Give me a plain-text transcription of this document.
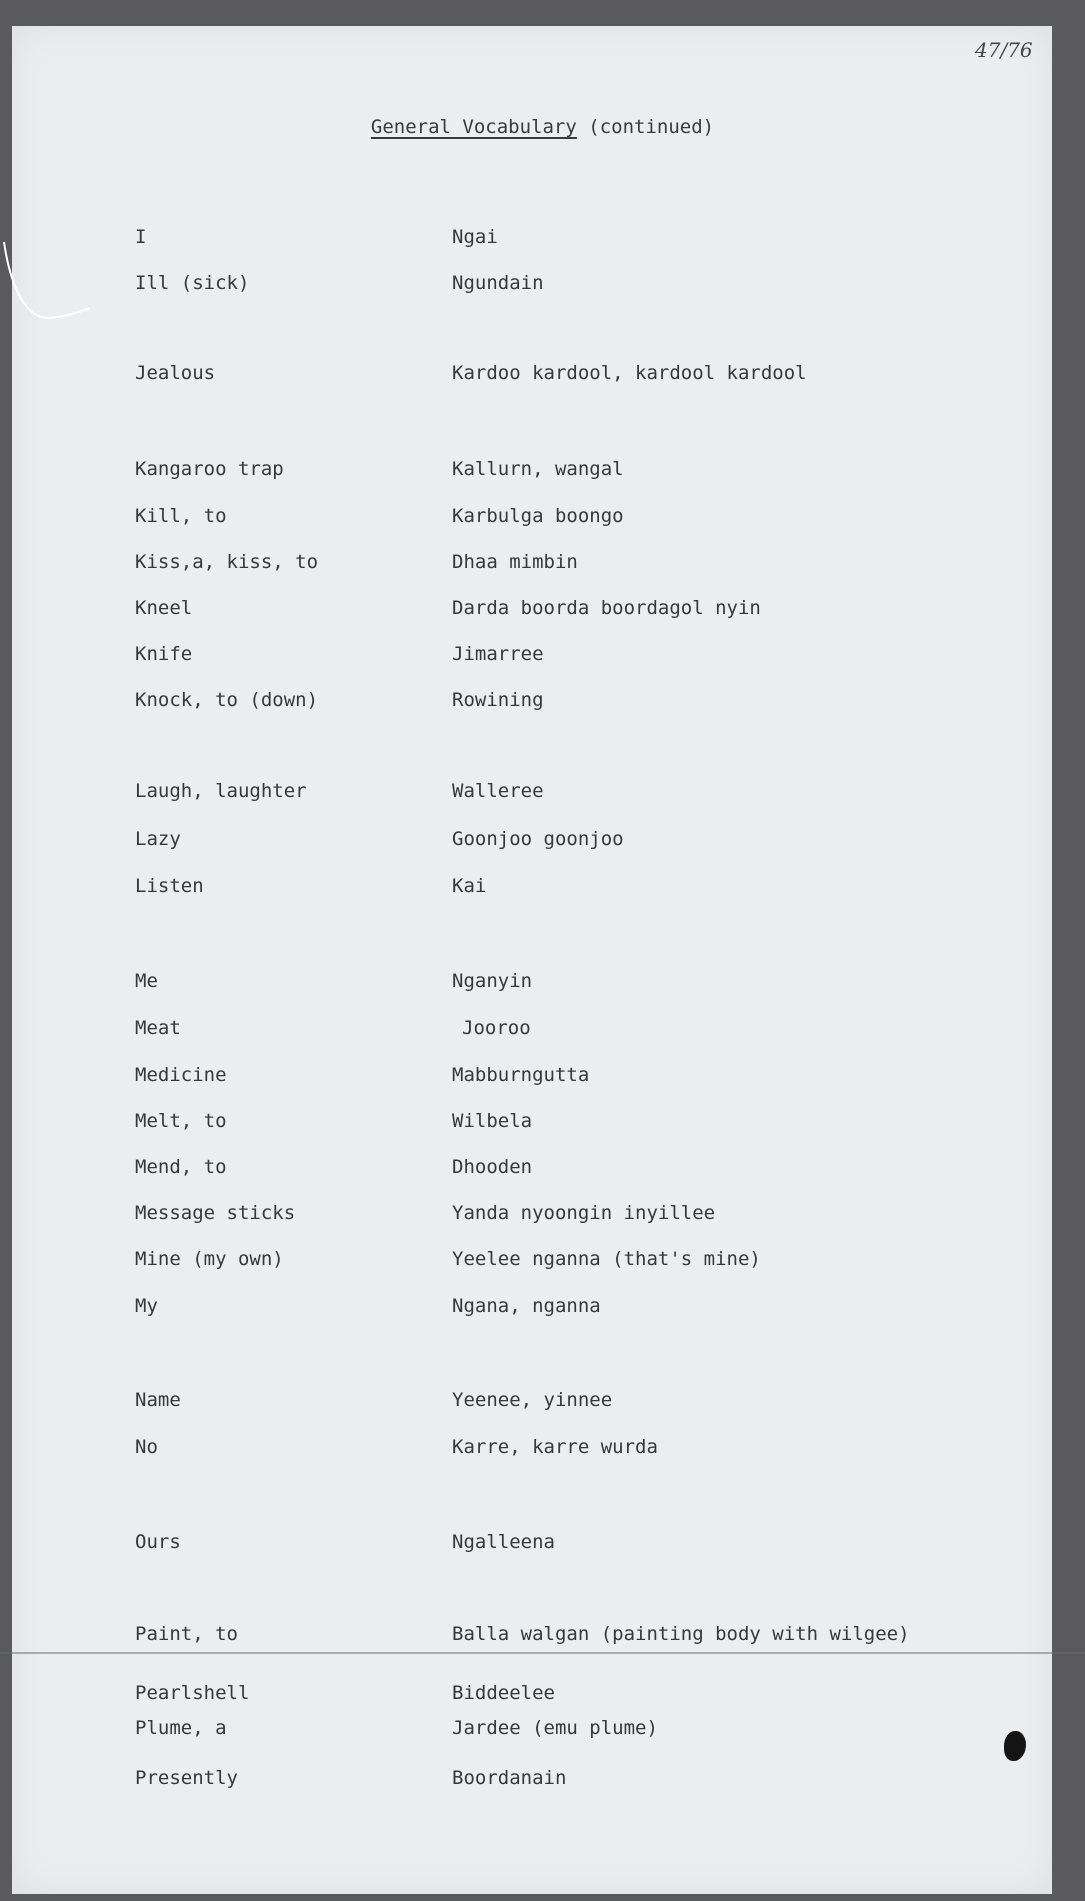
47/76
General Vocabulary (continued)
I	Ngai
Ill (sick)	Ngundain
Jealous	Kardoo kardool, kardool kardool
Kangaroo trap	Kallurn, wangal
Kill, to	Karbulga boongo
Kiss,a, kiss, to	Dhaa mimbin
Kneel	Darda boorda boordagol nyin
Knife	Jimarree
Knock, to (down)	Rowining
Laugh, laughter	Walleree
Lazy	Goonjoo goonjoo
Listen	Kai
Me	Nganyin
Meat	Jooroo
Medicine	Mabburngutta
Melt, to	Wilbela
Mend, to	Dhooden
Message sticks	Yanda nyoongin inyillee
Mine (my own)	Yeelee nganna (that's mine)
My	Ngana, nganna
Name	Yeenee, yinnee
No	Karre, karre wurda
Ours	Ngalleena
Paint, to	Balla walgan (painting body with wilgee)
Pearlshell	Biddeelee
Plume, a	Jardee (emu plume)
Presently	Boordanain
